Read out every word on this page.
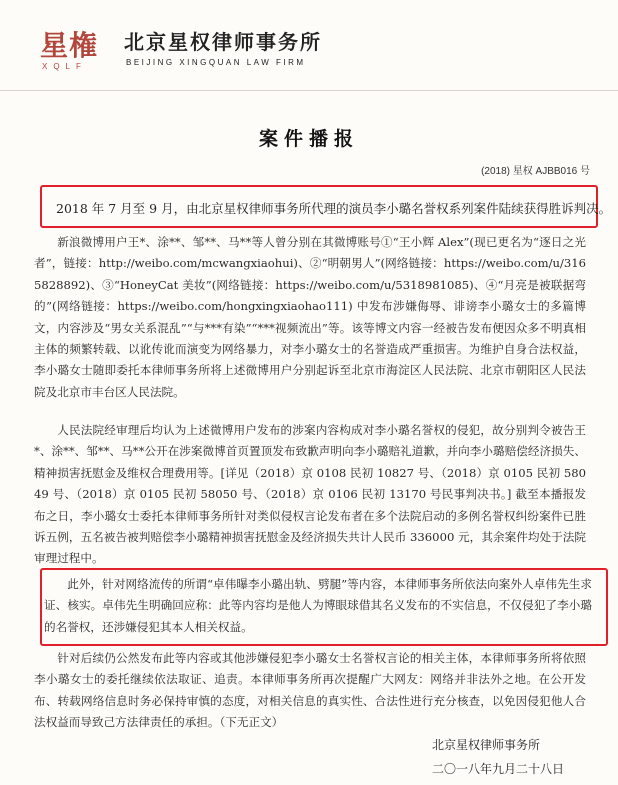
星権
XQLF
北京星权律师事务所
BEIJING XINGQUAN LAW FIRM
案件播报
(2018) 星权 AJBB016 号
2018 年 7 月至 9 月，由北京星权律师事务所代理的演员李小璐名誉权系列案件陆续获得胜诉判决。
新浪微博用户王*、涂**、邹**、马**等人曾分别在其微博账号①“王小辉 Alex”(现已更名为“逐日之光者”，链接：http://weibo.com/mcwangxiaohui)、②“明朝男人”(网络链接：https://weibo.com/u/3165828892)、③“HoneyCat 美妆”(网络链接：https://weibo.com/u/5318981085)、④“月亮是被联据弯的”(网络链接：https://weibo.com/hongxingxiaohao111) 中发布涉嫌侮辱、诽谤李小璐女士的多篇博文，内容涉及“男女关系混乱”“与***有染”“***视频流出”等。该等博文内容一经被告发布便因众多不明真相主体的频繁转载、以讹传讹而演变为网络暴力，对李小璐女士的名誉造成严重损害。为维护自身合法权益，李小璐女士随即委托本律师事务所将上述微博用户分别起诉至北京市海淀区人民法院、北京市朝阳区人民法院及北京市丰台区人民法院。
人民法院经审理后均认为上述微博用户发布的涉案内容构成对李小璐名誉权的侵犯，故分别判令被告王*、涂**、邹**、马**公开在涉案微博首页置顶发布致歉声明向李小璐赔礼道歉，并向李小璐赔偿经济损失、精神损害抚慰金及维权合理费用等。[详见（2018）京 0108 民初 10827 号、（2018）京 0105 民初 58049 号、（2018）京 0105 民初 58050 号、（2018）京 0106 民初 13170 号民事判决书。] 截至本播报发布之日，李小璐女士委托本律师事务所针对类似侵权言论发布者在多个法院启动的多例名誉权纠纷案件已胜诉五例，五名被告被判赔偿李小璐精神损害抚慰金及经济损失共计人民币 336000 元，其余案件均处于法院审理过程中。
此外，针对网络流传的所谓“卓伟曝李小璐出轨、劈腿”等内容，本律师事务所依法向案外人卓伟先生求证、核实。卓伟先生明确回应称：此等内容均是他人为博眼球借其名义发布的不实信息，不仅侵犯了李小璐的名誉权，还涉嫌侵犯其本人相关权益。
针对后续仍公然发布此等内容或其他涉嫌侵犯李小璐女士名誉权言论的相关主体，本律师事务所将依照李小璐女士的委托继续依法取证、追责。本律师事务所再次提醒广大网友：网络并非法外之地。在公开发布、转载网络信息时务必保持审慎的态度，对相关信息的真实性、合法性进行充分核查，以免因侵犯他人合法权益而导致己方法律责任的承担。（下无正文）
北京星权律师事务所
二〇一八年九月二十八日
